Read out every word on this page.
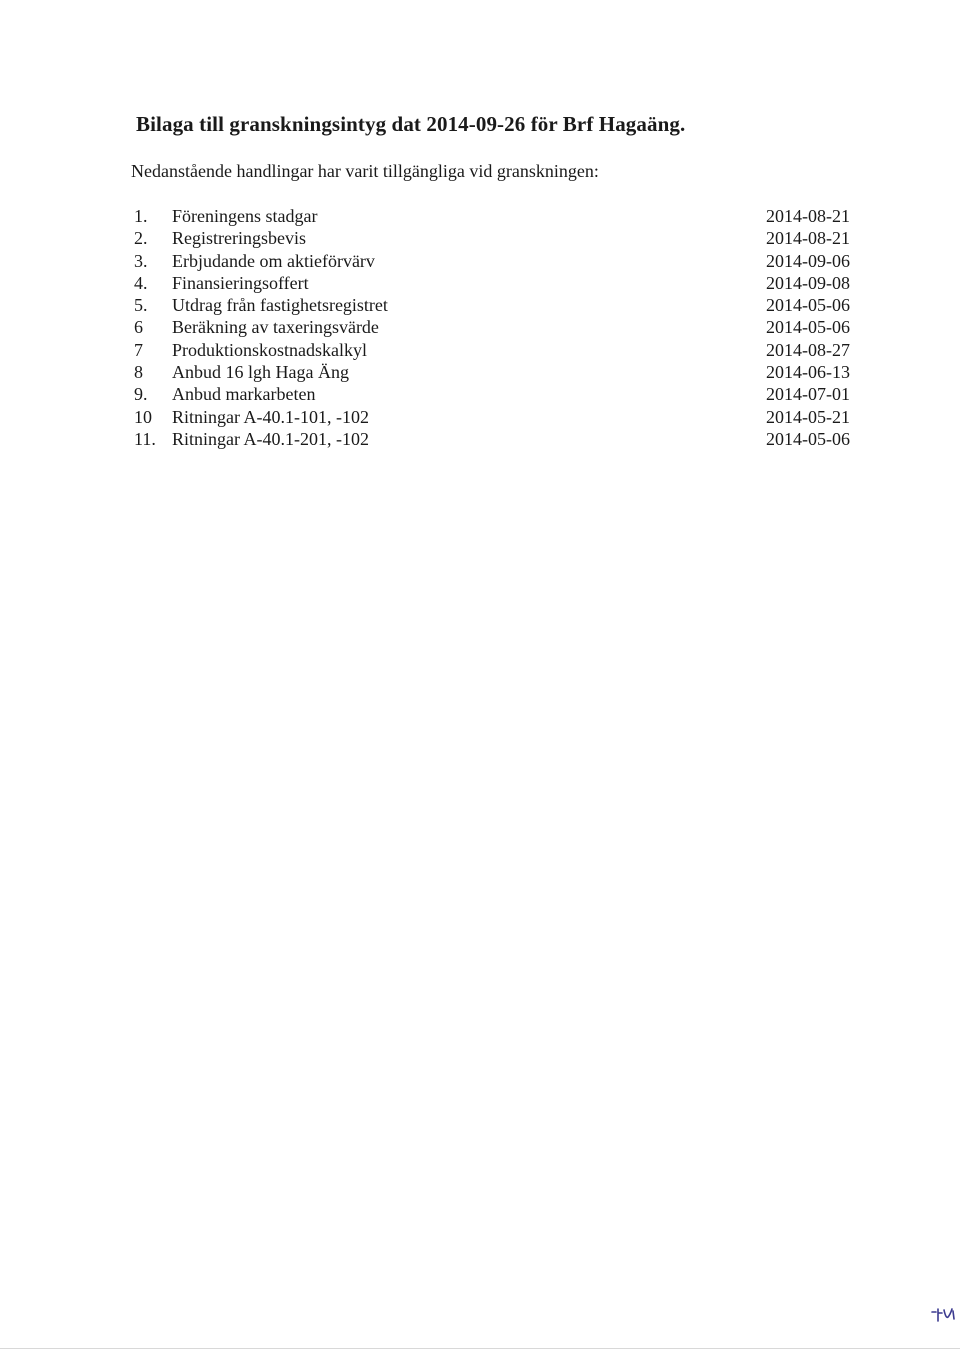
Bilaga till granskningsintyg dat 2014-09-26 för Brf Hagaäng.
Nedanstående handlingar har varit tillgängliga vid granskningen:
1. Föreningens stadgar	2014-08-21
2. Registreringsbevis	2014-08-21
3. Erbjudande om aktieförvärv	2014-09-06
4. Finansieringsoffert	2014-09-08
5. Utdrag från fastighetsregistret	2014-05-06
6 Beräkning av taxeringsvärde	2014-05-06
7 Produktionskostnadskalkyl	2014-08-27
8 Anbud 16 lgh Haga Äng	2014-06-13
9. Anbud markarbeten	2014-07-01
10 Ritningar A-40.1-101, -102	2014-05-21
11. Ritningar A-40.1-201, -102	2014-05-06
